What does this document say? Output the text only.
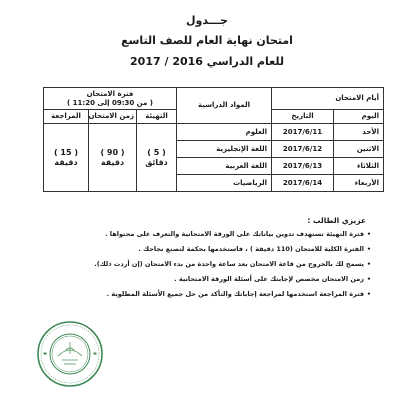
جـــدول
امتحان نهاية العام للصف التاسع
للعام الدراسي 2016 / 2017
أيام الامتحان		المواد الدراسية	فترة الامتحان
( من 09:30 إلى 11:20 )		

اليوم	التاريخ		التهيئة	زمن الامتحان	المراجعة
الأحد	2017/6/11	العلوم	( 5 ) دقائق	( 90 ) دقيقة	( 15 ) دقيقة
الاثنين	2017/6/12	اللغة الإنجليزية			
الثلاثاء	2017/6/13	اللغة العربية			
الأربعاء	2017/6/14	الرياضيات			
عزيزي الطالب :
•فترة التهيئة تستهدف تدوين بياناتك على الورقة الامتحانية والتعرف على محتواها .
•الفترة الكلية للامتحان (110 دقيقة ) ، فاستخدمها بحكمة لتصنع نجاحك .
•يسمح لك بالخروج من قاعة الامتحان بعد ساعة واحدة من بدء الامتحان (إن أردت ذلك).
•زمن الامتحان مخصص لإجابتك على أسئلة الورقة الامتحانية .
•فترة المراجعة استخدمها لمراجعة إجاباتك والتأكد من حل جميع الأسئلة المطلوبة .
